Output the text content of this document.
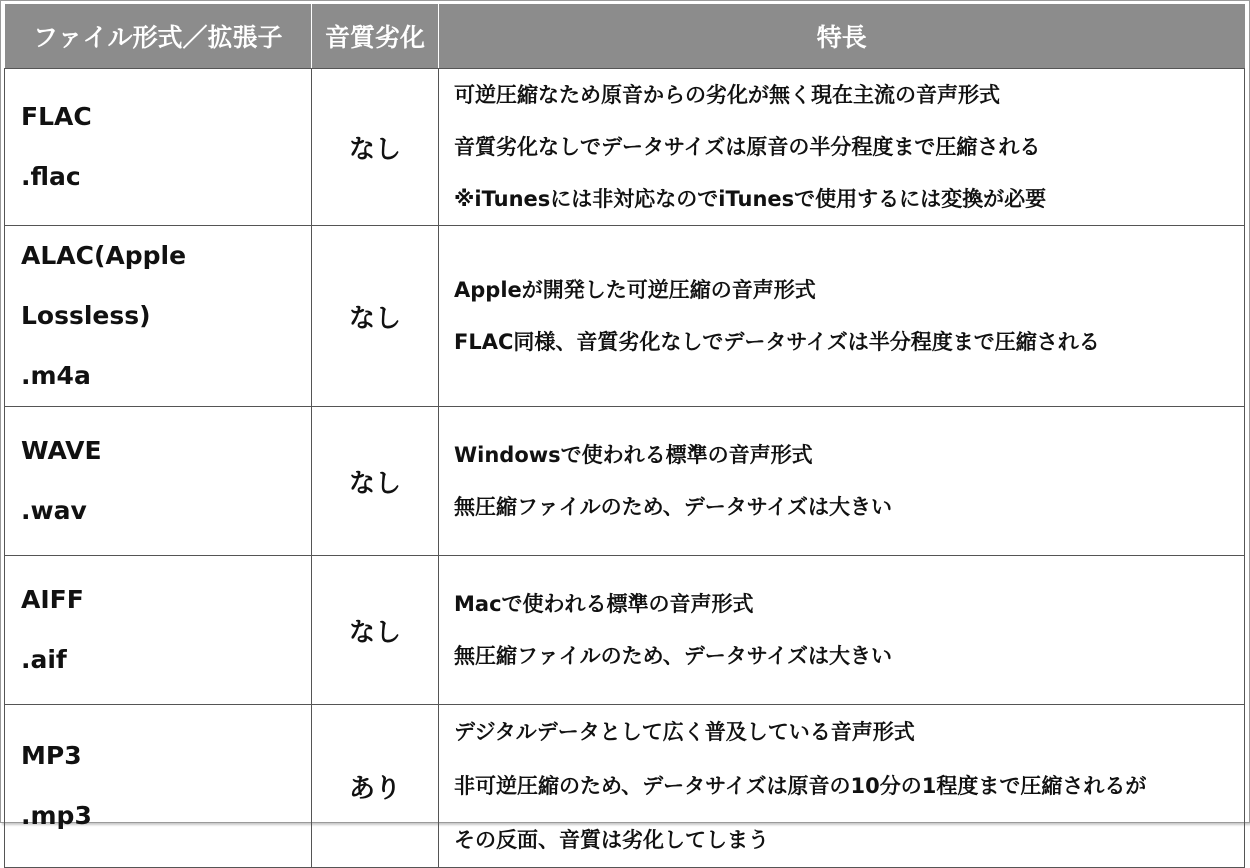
ファイル形式／拡張子	音質劣化	特長

FLAC
.flac	なし	可逆圧縮なため原音からの劣化が無く現在主流の音声形式
音質劣化なしでデータサイズは原音の半分程度まで圧縮される
※iTunesには非対応なのでiTunesで使用するには変換が必要

ALAC(Apple Lossless)
.m4a	なし	Appleが開発した可逆圧縮の音声形式
FLAC同様、音質劣化なしでデータサイズは半分程度まで圧縮される

WAVE
.wav	なし	Windowsで使われる標準の音声形式
無圧縮ファイルのため、データサイズは大きい

AIFF
.aif	なし	Macで使われる標準の音声形式
無圧縮ファイルのため、データサイズは大きい

MP3
.mp3	あり	デジタルデータとして広く普及している音声形式
非可逆圧縮のため、データサイズは原音の10分の1程度まで圧縮されるが
その反面、音質は劣化してしまう
